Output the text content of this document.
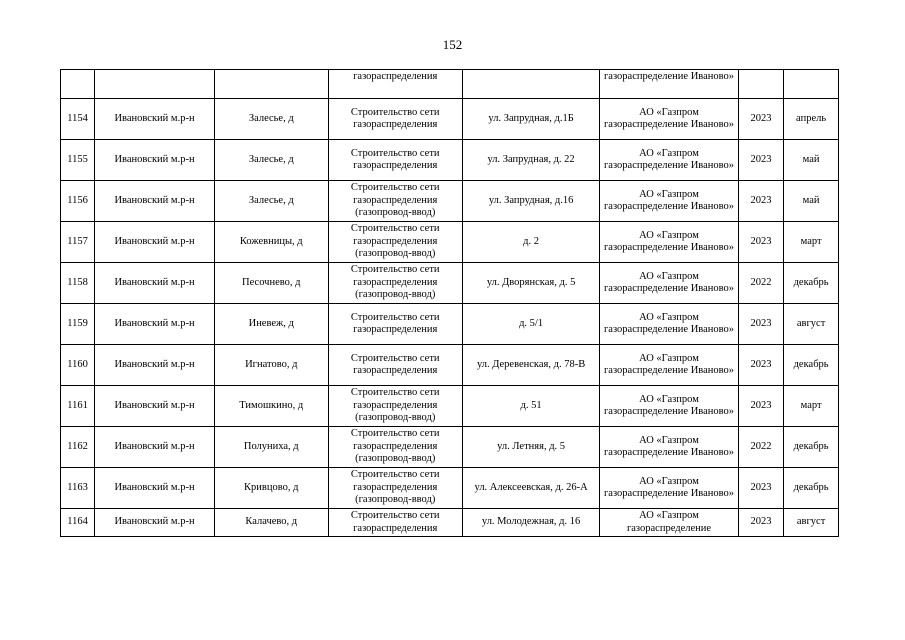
152

			газораспределения		газораспределение Иваново»		

1154	Ивановский м.р-н	Залесье, д	Строительство сети газораспределения	ул. Запрудная, д.1Б	АО «Газпром газораспределение Иваново»	2023	апрель

1155	Ивановский м.р-н	Залесье, д	Строительство сети газораспределения	ул. Запрудная, д. 22	АО «Газпром газораспределение Иваново»	2023	май

1156	Ивановский м.р-н	Залесье, д	Строительство сети газораспределения (газопровод-ввод)	ул. Запрудная, д.16	АО «Газпром газораспределение Иваново»	2023	май

1157	Ивановский м.р-н	Кожевницы, д	Строительство сети газораспределения (газопровод-ввод)	д. 2	АО «Газпром газораспределение Иваново»	2023	март

1158	Ивановский м.р-н	Песочнево, д	Строительство сети газораспределения (газопровод-ввод)	ул. Дворянская, д. 5	АО «Газпром газораспределение Иваново»	2022	декабрь

1159	Ивановский м.р-н	Иневеж, д	Строительство сети газораспределения	д. 5/1	АО «Газпром газораспределение Иваново»	2023	август

1160	Ивановский м.р-н	Игнатово, д	Строительство сети газораспределения	ул. Деревенская, д. 78-В	АО «Газпром газораспределение Иваново»	2023	декабрь

1161	Ивановский м.р-н	Тимошкино, д	Строительство сети газораспределения (газопровод-ввод)	д. 51	АО «Газпром газораспределение Иваново»	2023	март

1162	Ивановский м.р-н	Полуниха, д	Строительство сети газораспределения (газопровод-ввод)	ул. Летняя, д. 5	АО «Газпром газораспределение Иваново»	2022	декабрь

1163	Ивановский м.р-н	Кривцово, д	Строительство сети газораспределения (газопровод-ввод)	ул. Алексеевская, д. 26-А	АО «Газпром газораспределение Иваново»	2023	декабрь

1164	Ивановский м.р-н	Калачево, д	Строительство сети газораспределения	ул. Молодежная, д. 16	АО «Газпром газораспределение	2023	август
